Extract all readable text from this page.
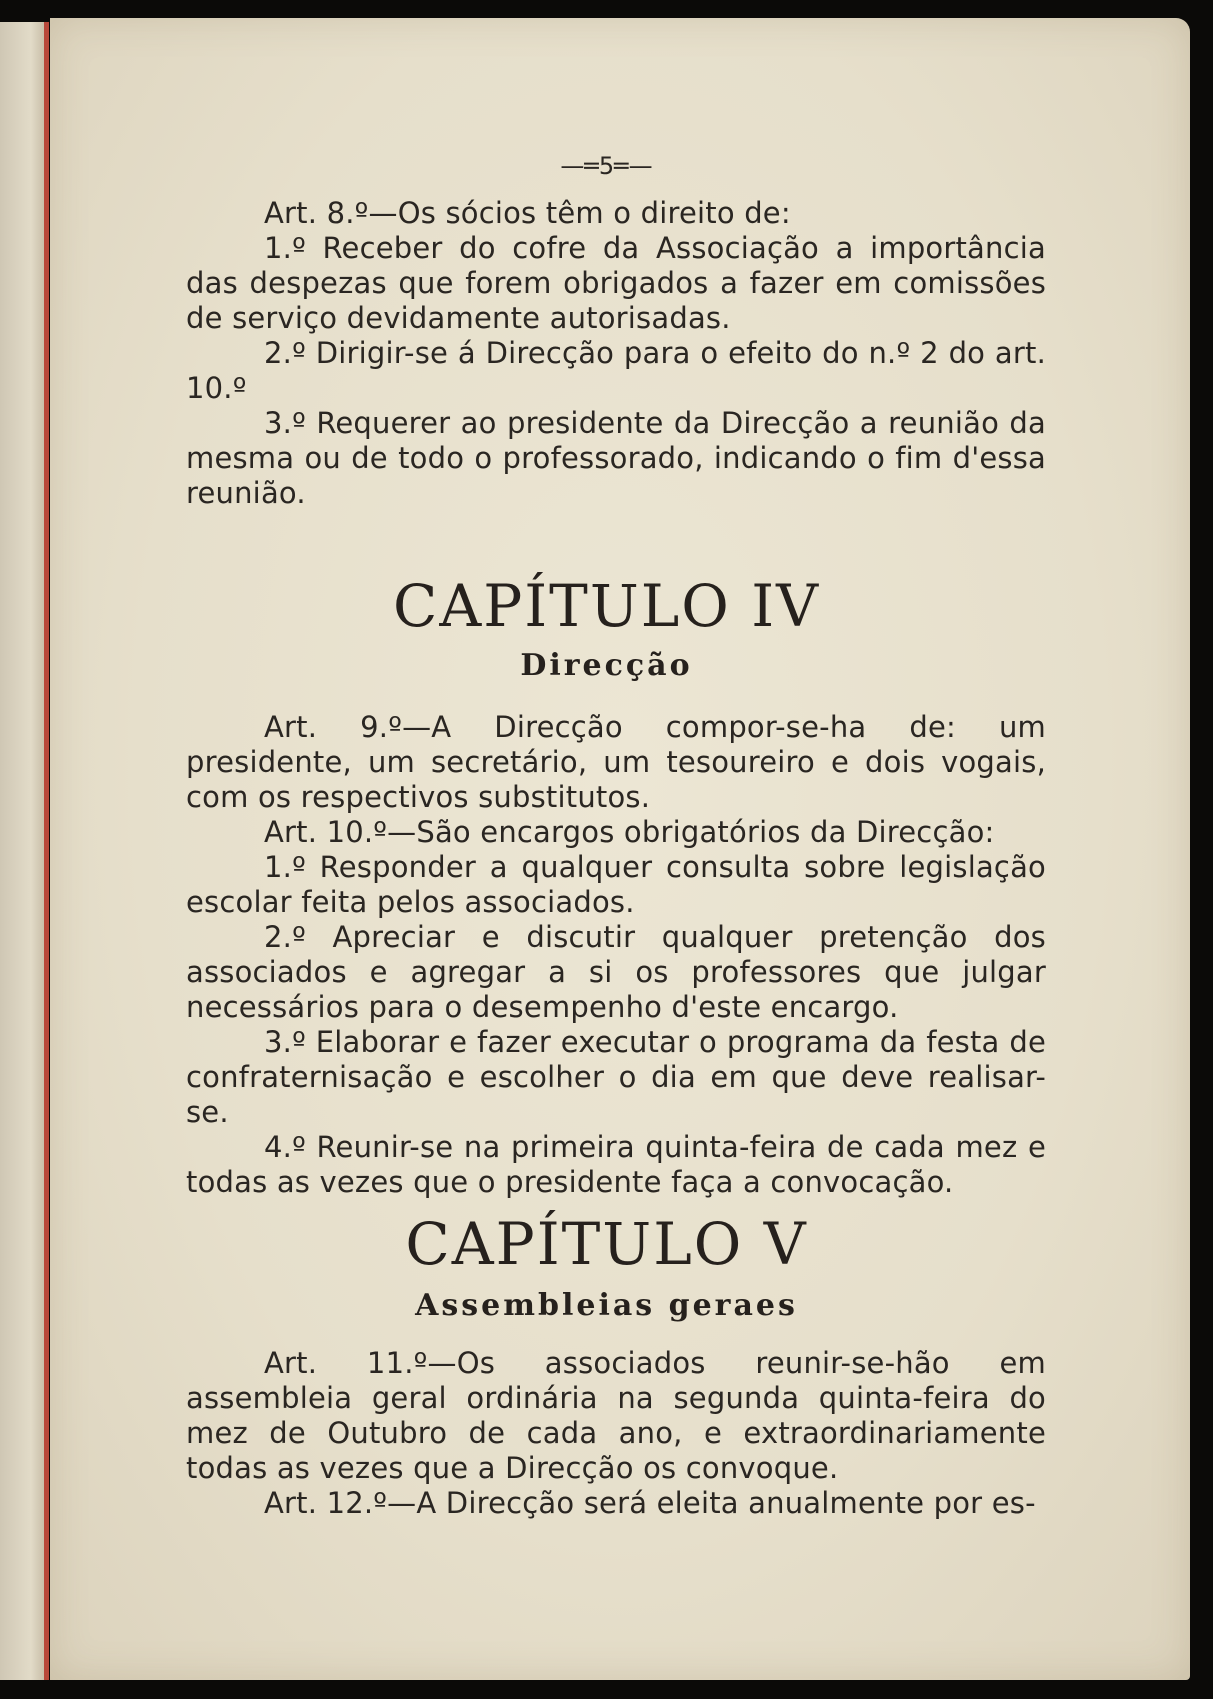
—═5═—

Art. 8.º—Os sócios têm o direito de:

1.º Receber do cofre da Associação a importância das despezas que forem obrigados a fazer em comissões de serviço devidamente autorisadas.

2.º Dirigir-se á Direcção para o efeito do n.º 2 do art. 10.º

3.º Requerer ao presidente da Direcção a reunião da mesma ou de todo o professorado, indicando o fim d'essa reunião.

CAPÍTULO IV
Direcção

Art. 9.º—A Direcção compor-se-ha de: um presidente, um secretário, um tesoureiro e dois vogais, com os respectivos substitutos.

Art. 10.º—São encargos obrigatórios da Direcção:

1.º Responder a qualquer consulta sobre legislação escolar feita pelos associados.

2.º Apreciar e discutir qualquer pretenção dos associados e agregar a si os professores que julgar necessários para o desempenho d'este encargo.

3.º Elaborar e fazer executar o programa da festa de confraternisação e escolher o dia em que deve realisar-se.

4.º Reunir-se na primeira quinta-feira de cada mez e todas as vezes que o presidente faça a convocação.

CAPÍTULO V
Assembleias geraes

Art. 11.º—Os associados reunir-se-hão em assembleia geral ordinária na segunda quinta-feira do mez de Outubro de cada ano, e extraordinariamente todas as vezes que a Direcção os convoque.

Art. 12.º—A Direcção será eleita anualmente por es-
